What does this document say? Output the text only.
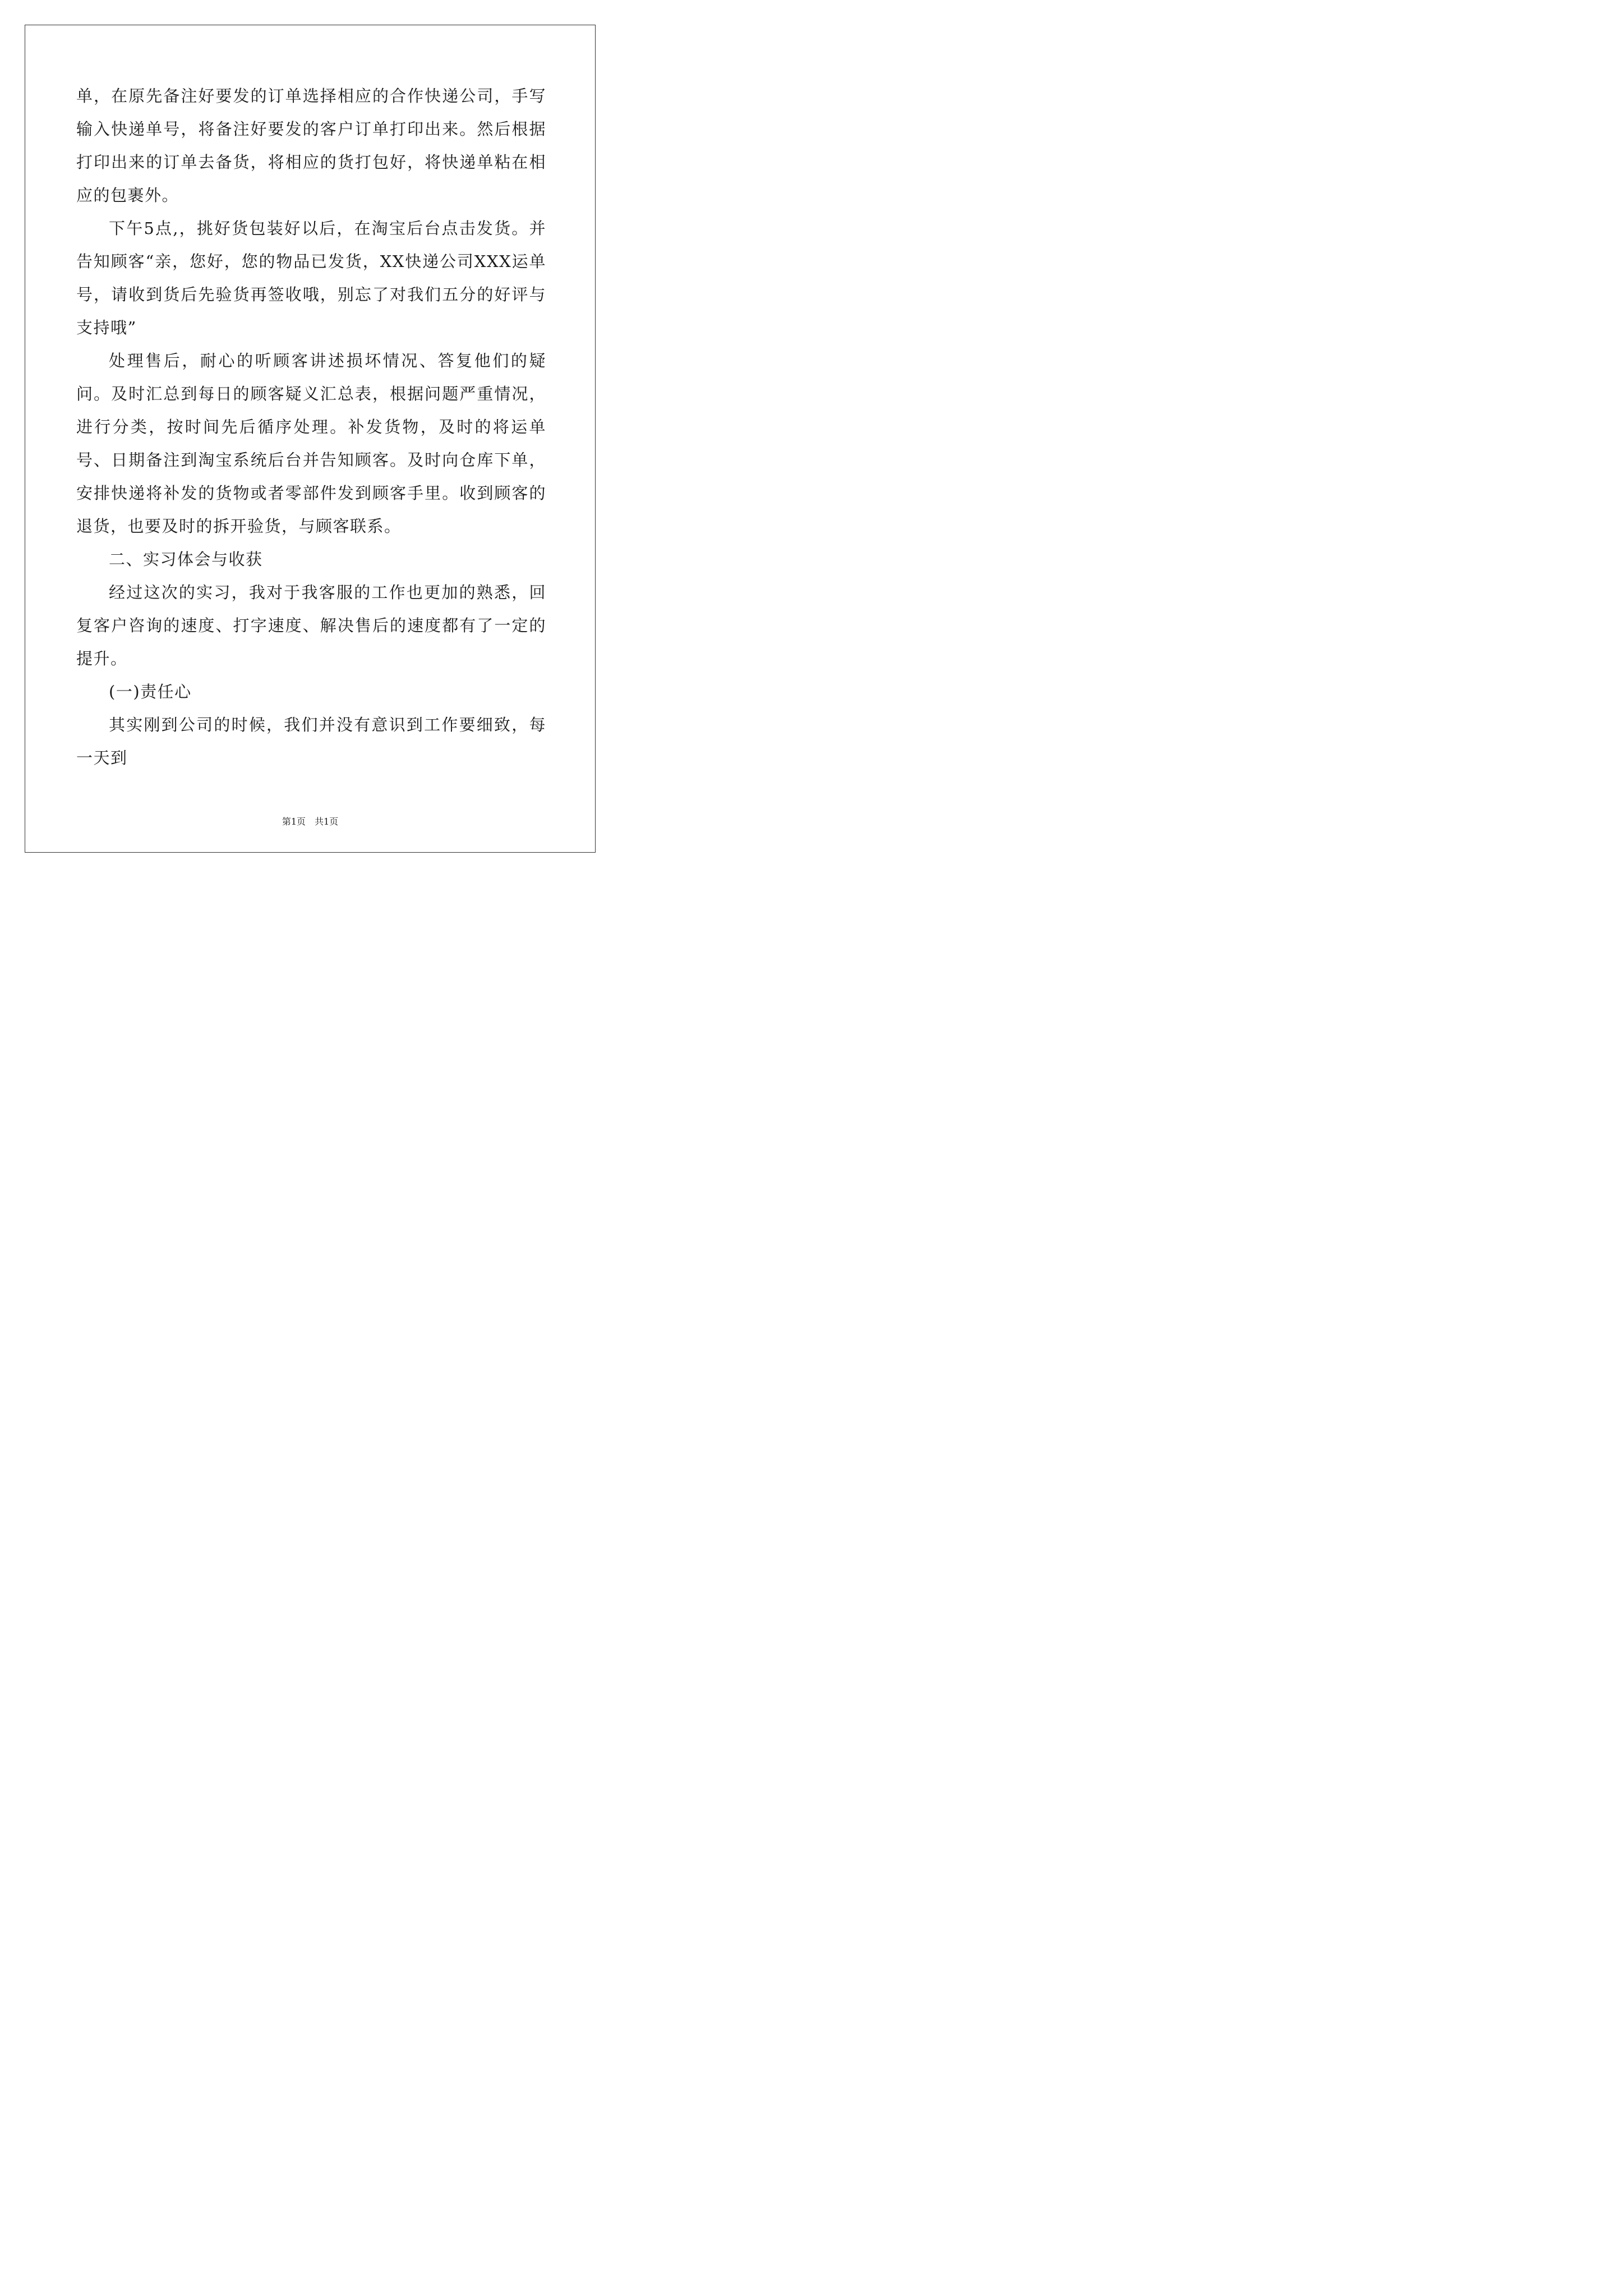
单，在原先备注好要发的订单选择相应的合作快递公司，手写输入快递单号，将备注好要发的客户订单打印出来。然后根据打印出来的订单去备货，将相应的货打包好，将快递单粘在相应的包裹外。

下午5点,，挑好货包装好以后，在淘宝后台点击发货。并告知顾客“亲，您好，您的物品已发货，XX快递公司XXX运单号，请收到货后先验货再签收哦，别忘了对我们五分的好评与支持哦”

处理售后，耐心的听顾客讲述损坏情况、答复他们的疑问。及时汇总到每日的顾客疑义汇总表，根据问题严重情况，进行分类，按时间先后循序处理。补发货物，及时的将运单号、日期备注到淘宝系统后台并告知顾客。及时向仓库下单，安排快递将补发的货物或者零部件发到顾客手里。收到顾客的退货，也要及时的拆开验货，与顾客联系。

二、实习体会与收获

经过这次的实习，我对于我客服的工作也更加的熟悉，回复客户咨询的速度、打字速度、解决售后的速度都有了一定的提升。

(一)责任心

其实刚到公司的时候，我们并没有意识到工作要细致，每一天到

第1页 共1页
